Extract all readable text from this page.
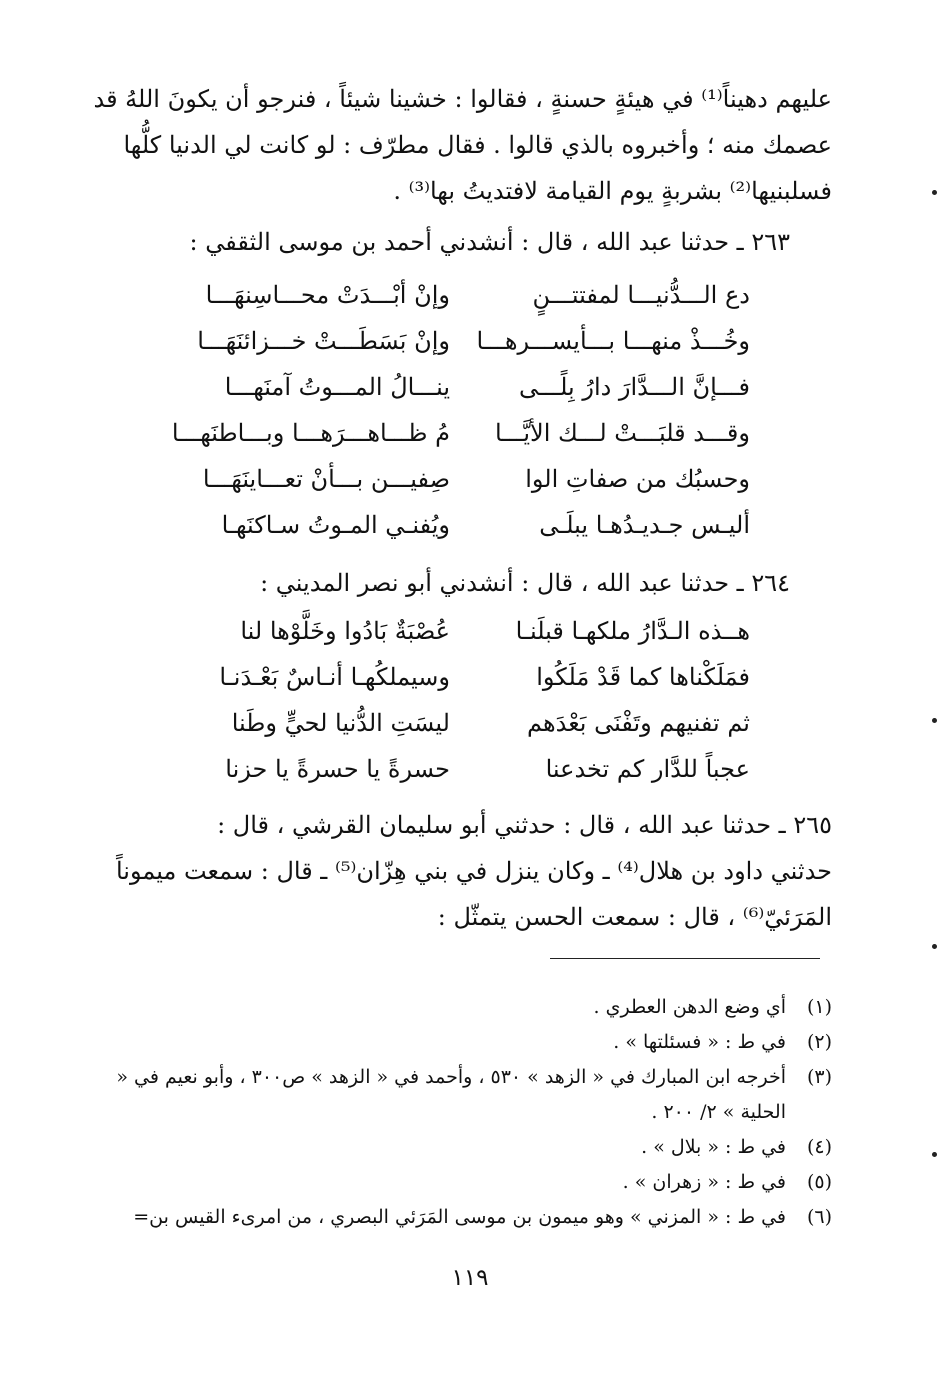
عليهم دهيناً⁽¹⁾ في هيئةٍ حسنةٍ ، فقالوا : خشينا شيئاً ، فنرجو أن يكونَ اللهُ قد
عصمك منه ؛ وأخبروه بالذي قالوا . فقال مطرّف : لو كانت لي الدنيا كلُّها
فسلبنيها⁽²⁾ بشربةٍ يوم القيامة لافتديتُ بها⁽³⁾ .
٢٦٣ ـ حدثنا عبد الله ، قال : أنشدني أحمد بن موسى الثقفي :
دع الـــدُّنيـــا لمفتتـــنٍ
وإنْ أبْـــدَتْ محـــاسِنهَـــا
وخُـــذْ منهـــا بـــأيســـرهـــا
وإنْ بَسَطَـــتْ خـــزائنَهَـــا
فـــإنَّ الـــدَّارَ دارُ بِلًـــى
ينـــالُ المـــوتُ آمنَهـــا
وقـــد قلبَـــتْ لـــك الأيَّـــا
مُ ظـــاهـــرَهـــا وبـــاطنَهـــا
وحسبُك من صفاتِ الوا
صِفيـــن بـــأنْ تعـــاينَهَـــا
أليـس جـديـدُهـا يبلَـى
ويُفنـي المـوتُ سـاكنَهـا
٢٦٤ ـ حدثنا عبد الله ، قال : أنشدني أبو نصر المديني :
هــذه الـدَّارُ ملكهـا قبلَنـا
عُصْبَةٌ بَادُوا وخَلَّوْها لنا
فمَلَكْناها كما قَدْ مَلَكُوا
وسيملكُهـا أنـاسٌ بَعْـدَنـا
ثم تفنيهم وتَفْنَى بَعْدَهم
ليسَتِ الدُّنيا لحيٍّ وطَنا
عجباً للدَّار كم تخدعنا
حسرةً يا حسرةً يا حزنا
٢٦٥ ـ حدثنا عبد الله ، قال : حدثني أبو سليمان القرشي ، قال :
حدثني داود بن هلال⁽⁴⁾ ـ وكان ينزل في بني هِزّان⁽⁵⁾ ـ قال : سمعت ميموناً
المَرَئيّ⁽⁶⁾ ، قال : سمعت الحسن يتمثّل :
(١)
أي وضع الدهن العطري .
(٢)
في ط : « فسئلتها » .
(٣)
أخرجه ابن المبارك في « الزهد » ٥٣٠ ، وأحمد في « الزهد » ص٣٠٠ ، وأبو نعيم في « الحلية » ٢/ ٢٠٠ .
(٤)
في ط : « بلال » .
(٥)
في ط : « زهران » .
(٦)
في ط : « المزني » وهو ميمون بن موسى المَرَئي البصري ، من امرىء القيس بن=
١١٩
